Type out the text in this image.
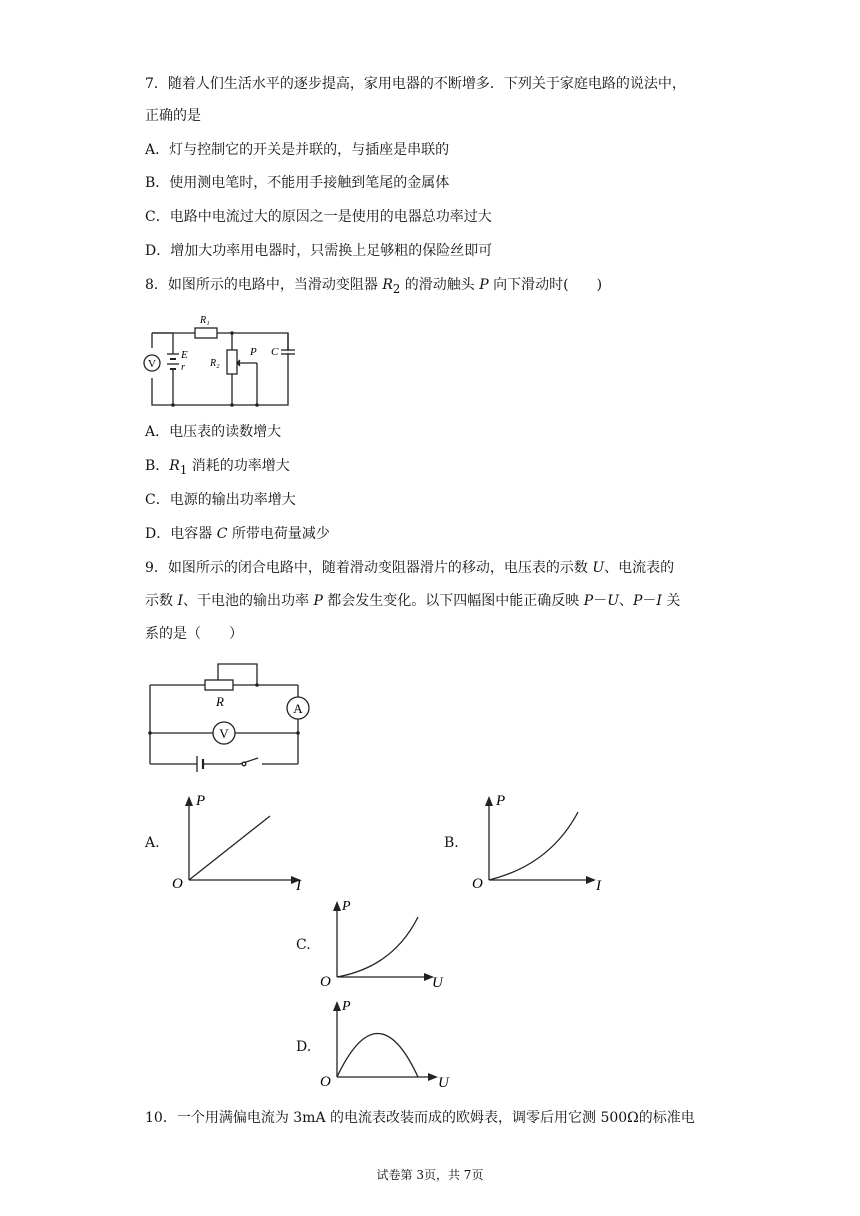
7．随着人们生活水平的逐步提高，家用电器的不断增多．下列关于家庭电路的说法中，
正确的是
A．灯与控制它的开关是并联的，与插座是串联的
B．使用测电笔时，不能用手接触到笔尾的金属体
C．电路中电流过大的原因之一是使用的电器总功率过大
D．增加大功率用电器时，只需换上足够粗的保险丝即可
8．如图所示的电路中，当滑动变阻器 $R_2$ 的滑动触头 P 向下滑动时(　　)
V
R₁
E
r	R₂
P C
A．电压表的读数增大
B．$R_1$ 消耗的功率增大
C．电源的输出功率增大
D．电容器 C 所带电荷量减少
9．如图所示的闭合电路中，随着滑动变阻器滑片的移动，电压表的示数 U、电流表的
示数 I、干电池的输出功率 P 都会发生变化。以下四幅图中能正确反映 P－U、P－I 关
系的是（　　）
R	A
V
A.
P
I
O
B.
P
I
O
C.
P
U
O
D.
P
U
O
10．一个用满偏电流为 3mA 的电流表改装而成的欧姆表，调零后用它测 500Ω的标准电
试卷第 3页，共 7页
